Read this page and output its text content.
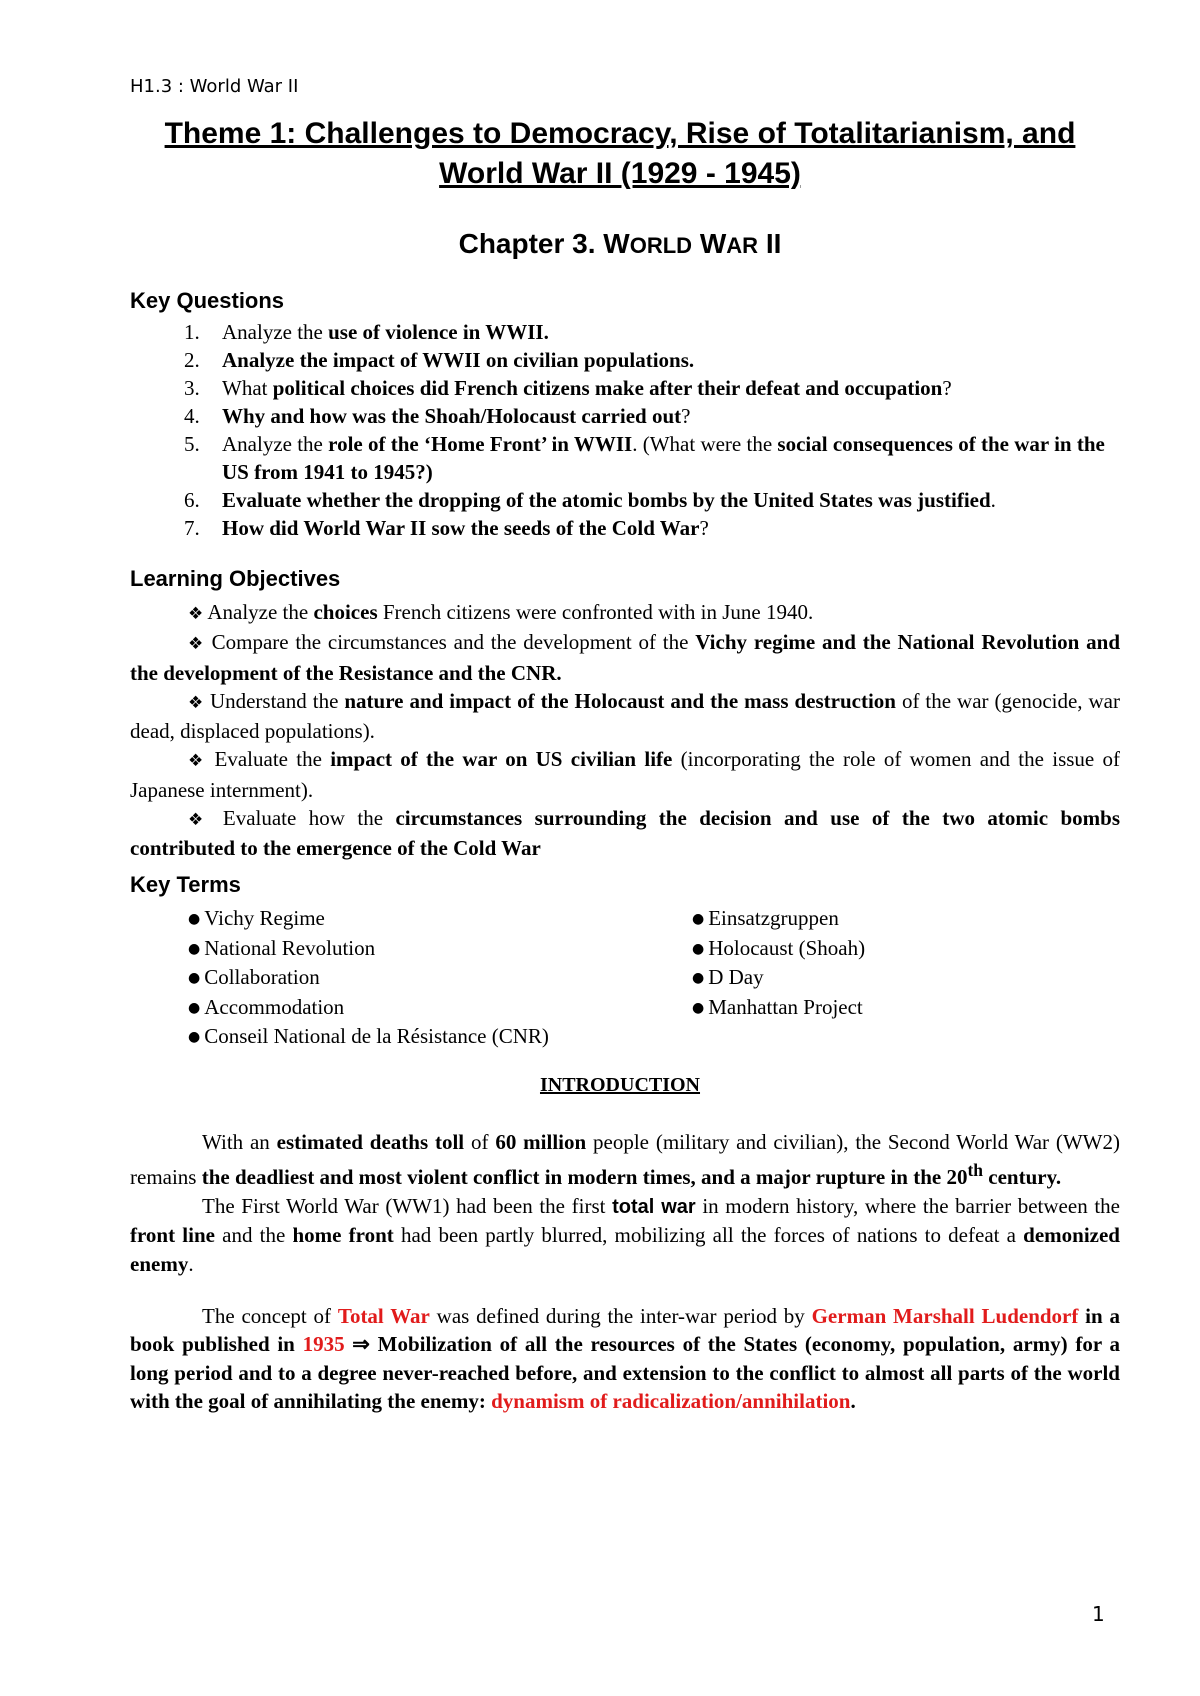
H1.3 : World War II
Theme 1: Challenges to Democracy, Rise of Totalitarianism, and
World War II (1929 - 1945)
Chapter 3. WORLD WAR II
Key Questions
1.	Analyze the use of violence in WWII.
2.	Analyze the impact of WWII on civilian populations.
3.	What political choices did French citizens make after their defeat and occupation?
4.	Why and how was the Shoah/Holocaust carried out?
5.	Analyze the role of the ‘Home Front’ in WWII. (What were the social consequences of the war in the US from 1941 to 1945?)
6.	Evaluate whether the dropping of the atomic bombs by the United States was justified.
7.	How did World War II sow the seeds of the Cold War?
Learning Objectives

❖ Analyze the choices French citizens were confronted with in June 1940.

❖ Compare the circumstances and the development of the Vichy regime and the National Revolution and the development of the Resistance and the CNR.

❖ Understand the nature and impact of the Holocaust and the mass destruction of the war (genocide, war dead, displaced populations).

❖ Evaluate the impact of the war on US civilian life (incorporating the role of women and the issue of Japanese internment).

❖ Evaluate how the circumstances surrounding the decision and use of the two atomic bombs contributed to the emergence of the Cold War

Key Terms
● Vichy Regime
● National Revolution
● Collaboration
● Accommodation
● Conseil National de la Résistance (CNR)
● Einsatzgruppen
● Holocaust (Shoah)
● D Day
● Manhattan Project
INTRODUCTION

With an estimated deaths toll of 60 million people (military and civilian), the Second World War (WW2) remains the deadliest and most violent conflict in modern times, and a major rupture in the 20th century.

The First World War (WW1) had been the first total war in modern history, where the barrier between the front line and the home front had been partly blurred, mobilizing all the forces of nations to defeat a demonized enemy.

The concept of Total War was defined during the inter-war period by German Marshall Ludendorf in a book published in 1935 ⇒ Mobilization of all the resources of the States (economy, population, army) for a long period and to a degree never-reached before, and extension to the conflict to almost all parts of the world with the goal of annihilating the enemy: dynamism of radicalization/annihilation.

1
